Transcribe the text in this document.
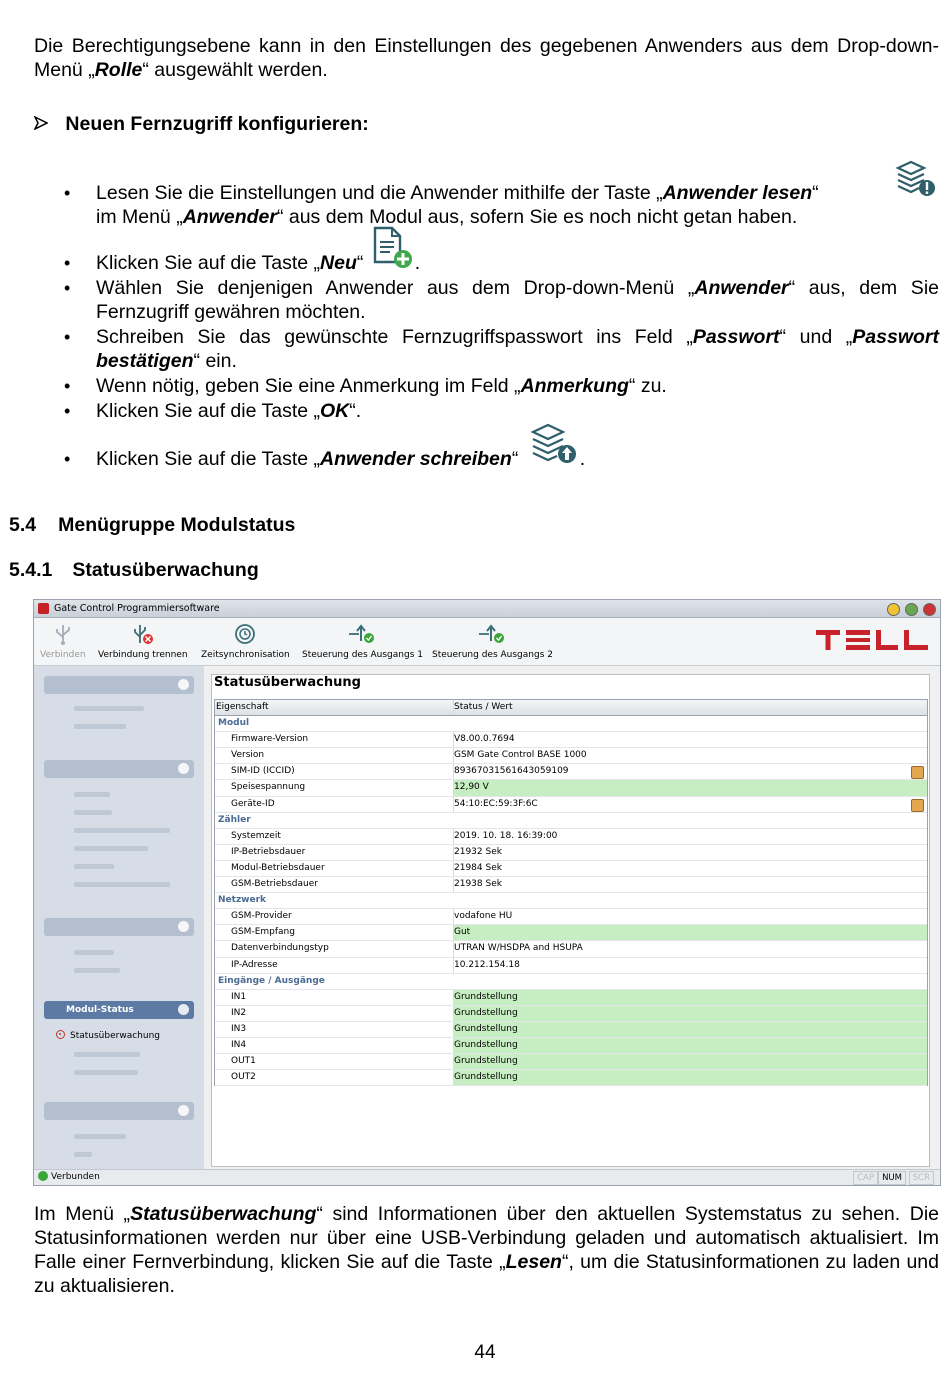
Die Berechtigungsebene kann in den Einstellungen des gegebenen Anwenders aus dem Drop-down-Menü „Rolle“ ausgewählt werden.
Neuen Fernzugriff konfigurieren:
• Lesen Sie die Einstellungen und die Anwender mithilfe der Taste „Anwender lesen“
im Menü „Anwender“ aus dem Modul aus, sofern Sie es noch nicht getan haben.
• Klicken Sie auf die Taste „Neu“	.
• Wählen Sie denjenigen Anwender aus dem Drop-down-Menü „Anwender“ aus, dem Sie Fernzugriff gewähren möchten.
• Schreiben Sie das gewünschte Fernzugriffspasswort ins Feld „Passwort“ und „Passwort bestätigen“ ein.
• Wenn nötig, geben Sie eine Anmerkung im Feld „Anmerkung“ zu.
• Klicken Sie auf die Taste „OK“.
• Klicken Sie auf die Taste „Anwender schreiben“	.
5.4 Menügruppe Modulstatus
5.4.1 Statusüberwachung
Gate Control Programmiersoftware

Verbinden Verbindung trennen Zeitsynchronisation Steuerung des Ausgangs 1 Steuerung des Ausgangs 2
Modul-Status
Statusüberwachung
Statusüberwachung
Eigenschaft	Status / Wert
Modul
Firmware-Version	V8.00.0.7694
Version	GSM Gate Control BASE 1000
SIM-ID (ICCID)	89367031561643059109
Speisespannung	12,90 V
Geräte-ID	54:10:EC:59:3F:6C
Zähler
Systemzeit	2019. 10. 18. 16:39:00
IP-Betriebsdauer	21932 Sek
Modul-Betriebsdauer	21984 Sek
GSM-Betriebsdauer	21938 Sek
Netzwerk
GSM-Provider	vodafone HU
GSM-Empfang	Gut
Datenverbindungstyp	UTRAN W/HSDPA and HSUPA
IP-Adresse	10.212.154.18
Eingänge / Ausgänge
IN1	Grundstellung
IN2	Grundstellung
IN3	Grundstellung
IN4	Grundstellung
OUT1	Grundstellung
OUT2	Grundstellung
Verbunden	CAP NUM	SCR
Im Menü „Statusüberwachung“ sind Informationen über den aktuellen Systemstatus zu sehen. Die Statusinformationen werden nur über eine USB-Verbindung geladen und automatisch aktualisiert. Im Falle einer Fernverbindung, klicken Sie auf die Taste „Lesen“, um die Statusinformationen zu laden und zu aktualisieren.
44
